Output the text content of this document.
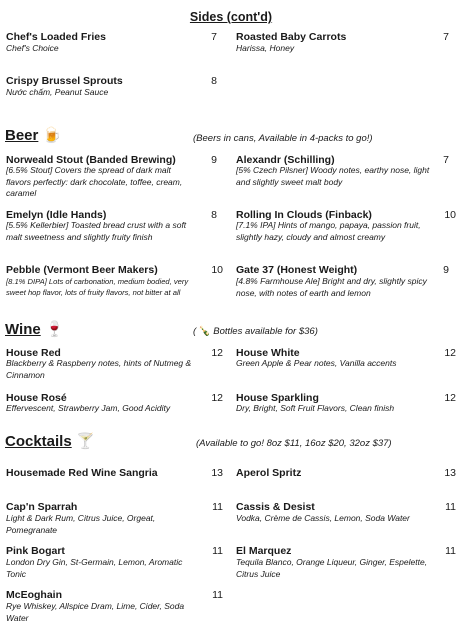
Sides (cont'd)
Chef's Loaded Fries	7
Chef's Choice
Roasted Baby Carrots	7
Harissa, Honey
Crispy Brussel Sprouts	8
Nước chấm, Peanut Sauce
Beer 🍺	(Beers in cans, Available in 4-packs to go!)
Norweald Stout (Banded Brewing)	9
[6.5% Stout] Covers the spread of dark malt flavors perfectly: dark chocolate, toffee, cream, caramel
Alexandr (Schilling)	7
[5% Czech Pilsner] Woody notes, earthy nose, light and slightly sweet malt body
Emelyn (Idle Hands)	8
[5.5% Kellerbier] Toasted bread crust with a soft malt sweetness and slightly fruity finish
Rolling In Clouds (Finback)	10
[7.1% IPA] Hints of mango, papaya, passion fruit, slightly hazy, cloudy and almost creamy
Pebble (Vermont Beer Makers)	10
[8.1% DIPA] Lots of carbonation, medium bodied, very sweet hop flavor, lots of fruity flavors, not bitter at all
Gate 37 (Honest Weight)	9
[4.8% Farmhouse Ale] Bright and dry, slightly spicy nose, with notes of earth and lemon
Wine 🍷	( 🍾 Bottles available for $36)
House Red	12
Blackberry & Raspberry notes, hints of Nutmeg & Cinnamon
House White	12
Green Apple & Pear notes, Vanilla accents
House Rosé	12
Effervescent, Strawberry Jam, Good Acidity
House Sparkling	12
Dry, Bright, Soft Fruit Flavors, Clean finish
Cocktails 🍸	(Available to go! 8oz $11, 16oz $20, 32oz $37)
Housemade Red Wine Sangria	13 Aperol Spritz	13
Cap'n Sparrah	11
Light & Dark Rum, Citrus Juice, Orgeat, Pomegranate
Cassis & Desist	11
Vodka, Crème de Cassis, Lemon, Soda Water
Pink Bogart	11
London Dry Gin, St-Germain, Lemon, Aromatic Tonic
El Marquez	11
Tequila Blanco, Orange Liqueur, Ginger, Espelette, Citrus Juice
McEoghain	11
Rye Whiskey, Allspice Dram, Lime, Cider, Soda Water
